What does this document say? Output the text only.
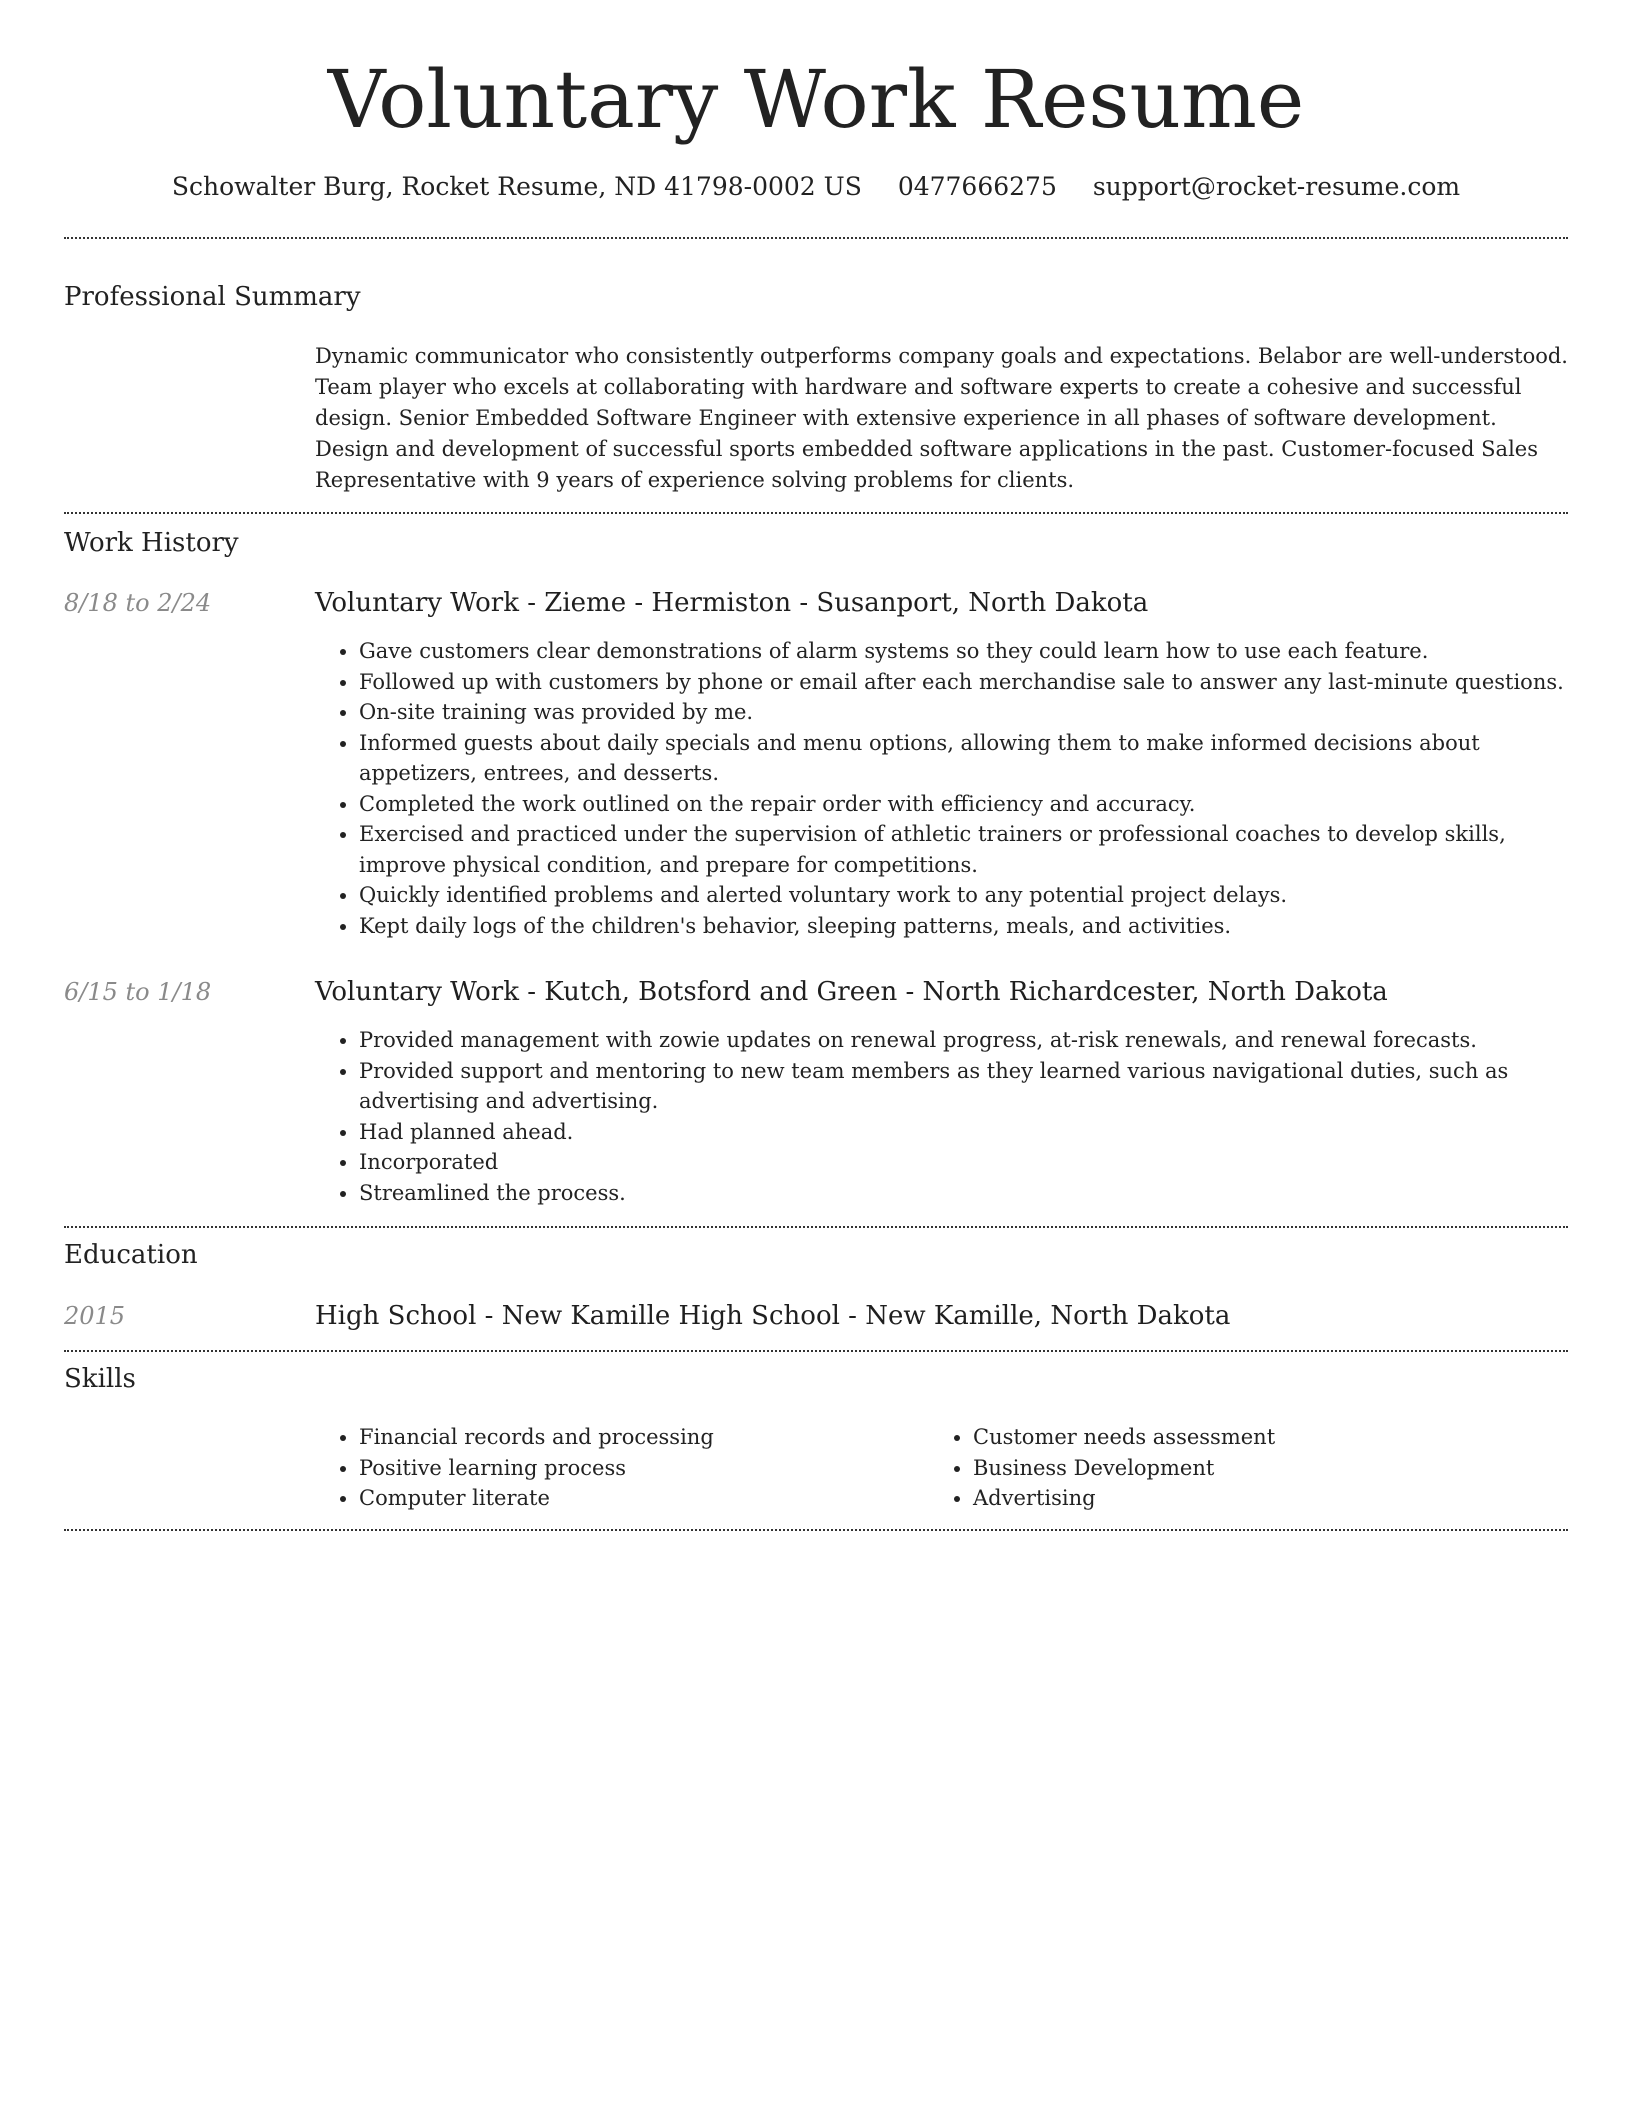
Voluntary Work Resume
Schowalter Burg, Rocket Resume, ND 41798-0002 US 0477666275 support@rocket-resume.com
Professional Summary

Dynamic communicator who consistently outperforms company goals and expectations. Belabor are well-understood. Team player who excels at collaborating with hardware and software experts to create a cohesive and successful design. Senior Embedded Software Engineer with extensive experience in all phases of software development. Design and development of successful sports embedded software applications in the past. Customer-focused Sales Representative with 9 years of experience solving problems for clients.

Work History
8/18 to 2/24	Voluntary Work - Zieme - Hermiston - Susanport, North Dakota
• Gave customers clear demonstrations of alarm systems so they could learn how to use each feature.
• Followed up with customers by phone or email after each merchandise sale to answer any last-minute questions.
• On-site training was provided by me.
• Informed guests about daily specials and menu options, allowing them to make informed decisions about appetizers, entrees, and desserts.
• Completed the work outlined on the repair order with efficiency and accuracy.
• Exercised and practiced under the supervision of athletic trainers or professional coaches to develop skills, improve physical condition, and prepare for competitions.
• Quickly identified problems and alerted voluntary work to any potential project delays.
• Kept daily logs of the children's behavior, sleeping patterns, meals, and activities.
6/15 to 1/18	Voluntary Work - Kutch, Botsford and Green - North Richardcester, North Dakota
• Provided management with zowie updates on renewal progress, at-risk renewals, and renewal forecasts.
• Provided support and mentoring to new team members as they learned various navigational duties, such as advertising and advertising.
• Had planned ahead.
• Incorporated
• Streamlined the process.
Education
2015	High School - New Kamille High School - New Kamille, North Dakota
Skills
• Financial records and processing
• Positive learning process
• Computer literate
• Customer needs assessment
• Business Development
• Advertising
